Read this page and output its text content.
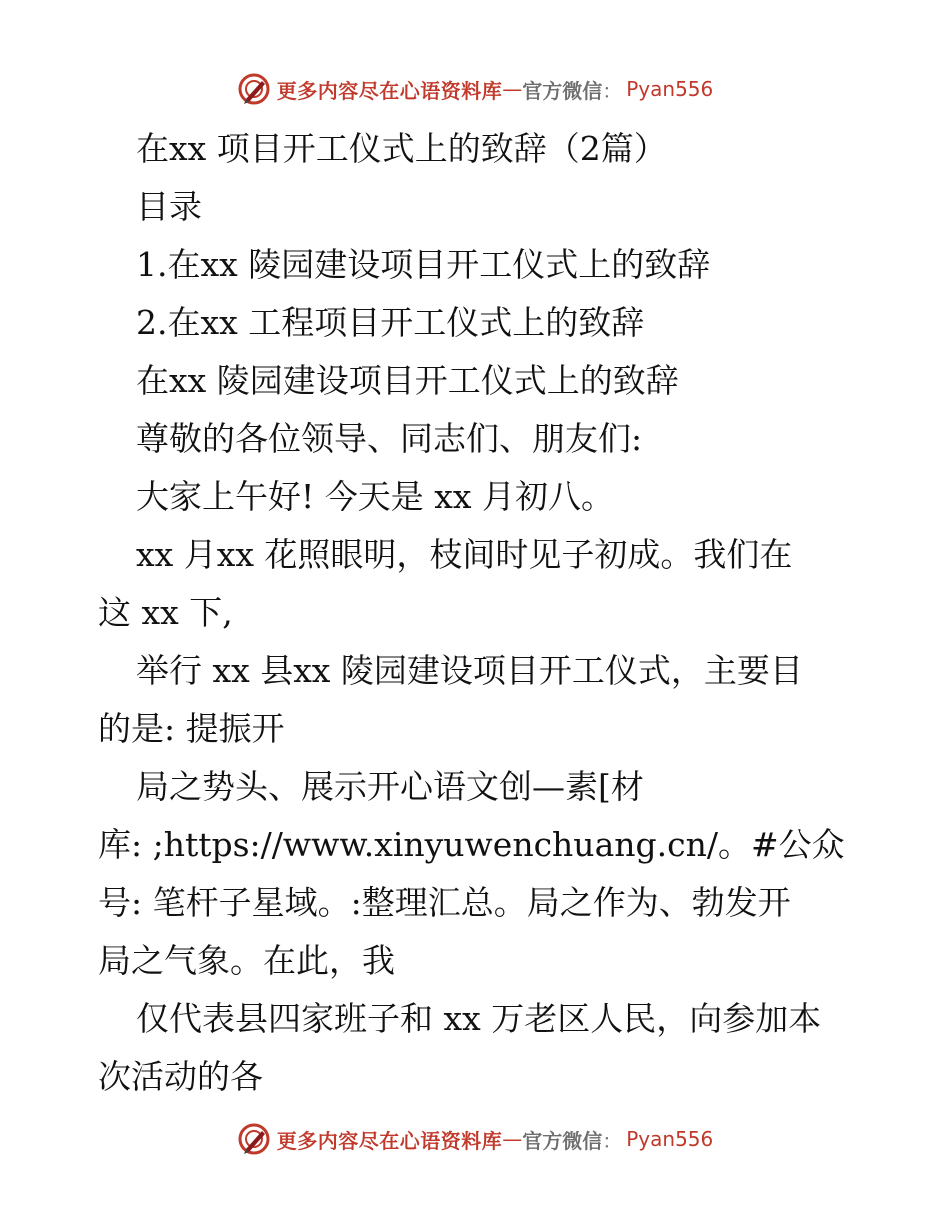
更多内容尽在心语资料库 — 官方微信 ： Pyan556
在xx 项目开工仪式上的致辞（2篇）
目录
1.在xx 陵园建设项目开工仪式上的致辞
2.在xx 工程项目开工仪式上的致辞
在xx 陵园建设项目开工仪式上的致辞
尊敬的各位领导、同志们、朋友们:
大家上午好! 今天是 xx 月初八。
xx 月xx 花照眼明，枝间时见子初成。我们在
这 xx 下,
举行 xx 县xx 陵园建设项目开工仪式，主要目
的是: 提振开
局之势头、展示开心语文创—素[材
库: ;https://www.xinyuwenchuang.cn/。#公众
号: 笔杆子星域。:整理汇总。局之作为、勃发开
局之气象。在此，我
仅代表县四家班子和 xx 万老区人民，向参加本
次活动的各
更多内容尽在心语资料库 — 官方微信 ： Pyan556
